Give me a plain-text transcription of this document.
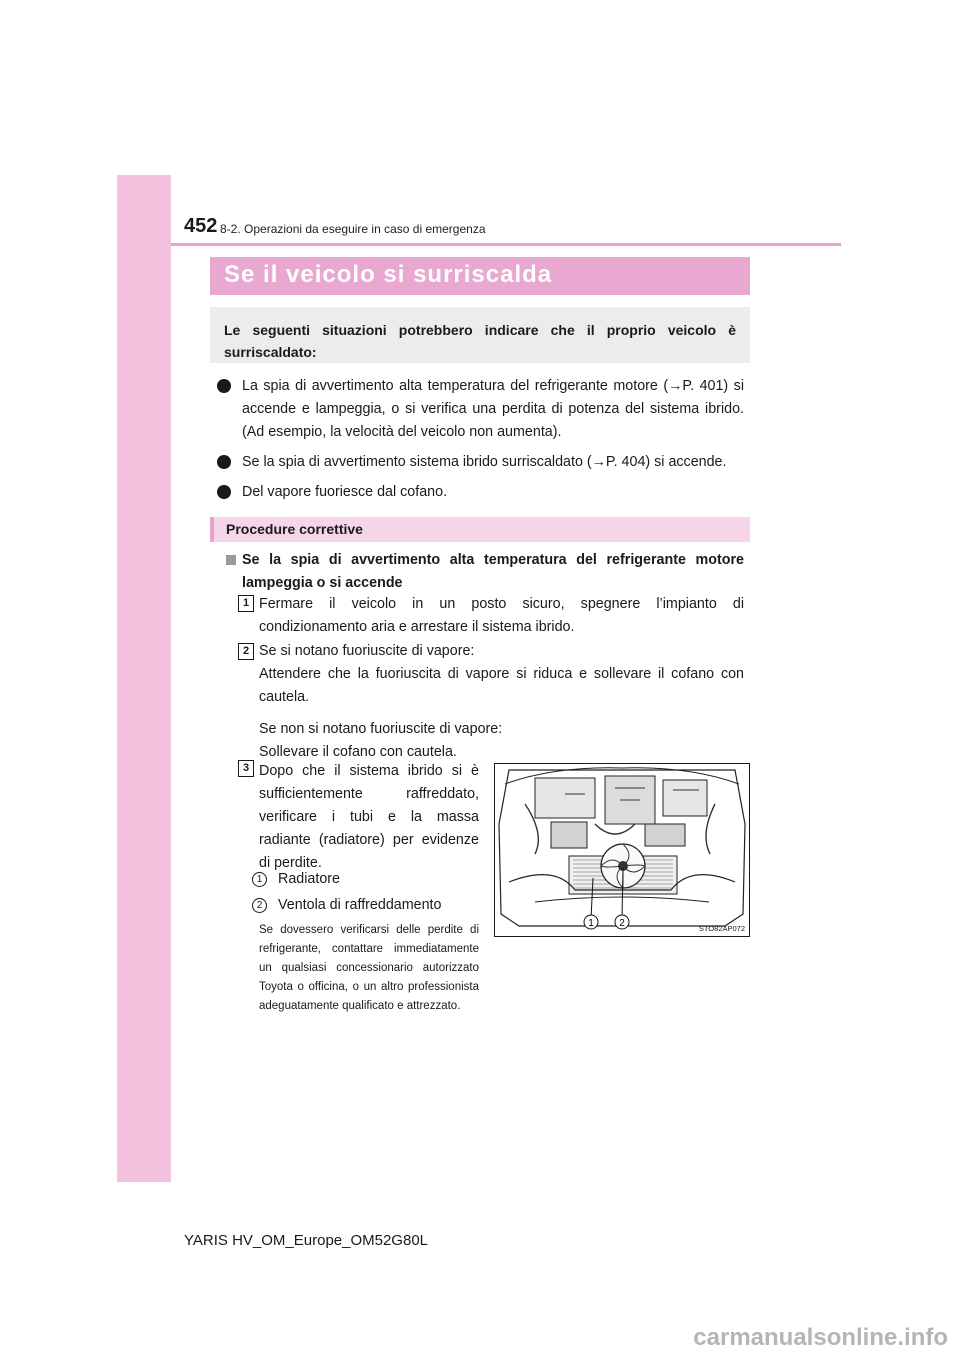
452 8-2. Operazioni da eseguire in caso di emergenza
Se il veicolo si surriscalda

Le seguenti situazioni potrebbero indicare che il proprio veicolo è surriscaldato:

La spia di avvertimento alta temperatura del refrigerante motore (→P. 401) si accende e lampeggia, o si verifica una perdita di potenza del sistema ibrido. (Ad esempio, la velocità del veicolo non aumenta).
Se la spia di avvertimento sistema ibrido surriscaldato (→P. 404) si accende.
Del vapore fuoriesce dal cofano.
Procedure correttive
Se la spia di avvertimento alta temperatura del refrigerante motore lampeggia o si accende
1 Fermare il veicolo in un posto sicuro, spegnere l’impianto di condizionamento aria e arrestare il sistema ibrido.
2 Se si notano fuoriuscite di vapore:
Attendere che la fuoriuscita di vapore si riduca e sollevare il cofano con cautela.
Se non si notano fuoriuscite di vapore:
Sollevare il cofano con cautela.
3 Dopo che il sistema ibrido si è sufficientemente raffreddato, verificare i tubi e la massa radiante (radiatore) per evidenze di perdite.
1	Radiatore
2	Ventola di raffreddamento
Se dovessero verificarsi delle perdite di refrigerante, contattare immediatamente un qualsiasi concessionario autorizzato Toyota o officina, o un altro professionista adeguatamente qualificato e attrezzato.
1	2	STO82AP072
YARIS HV_OM_Europe_OM52G80L
carmanualsonline.info
